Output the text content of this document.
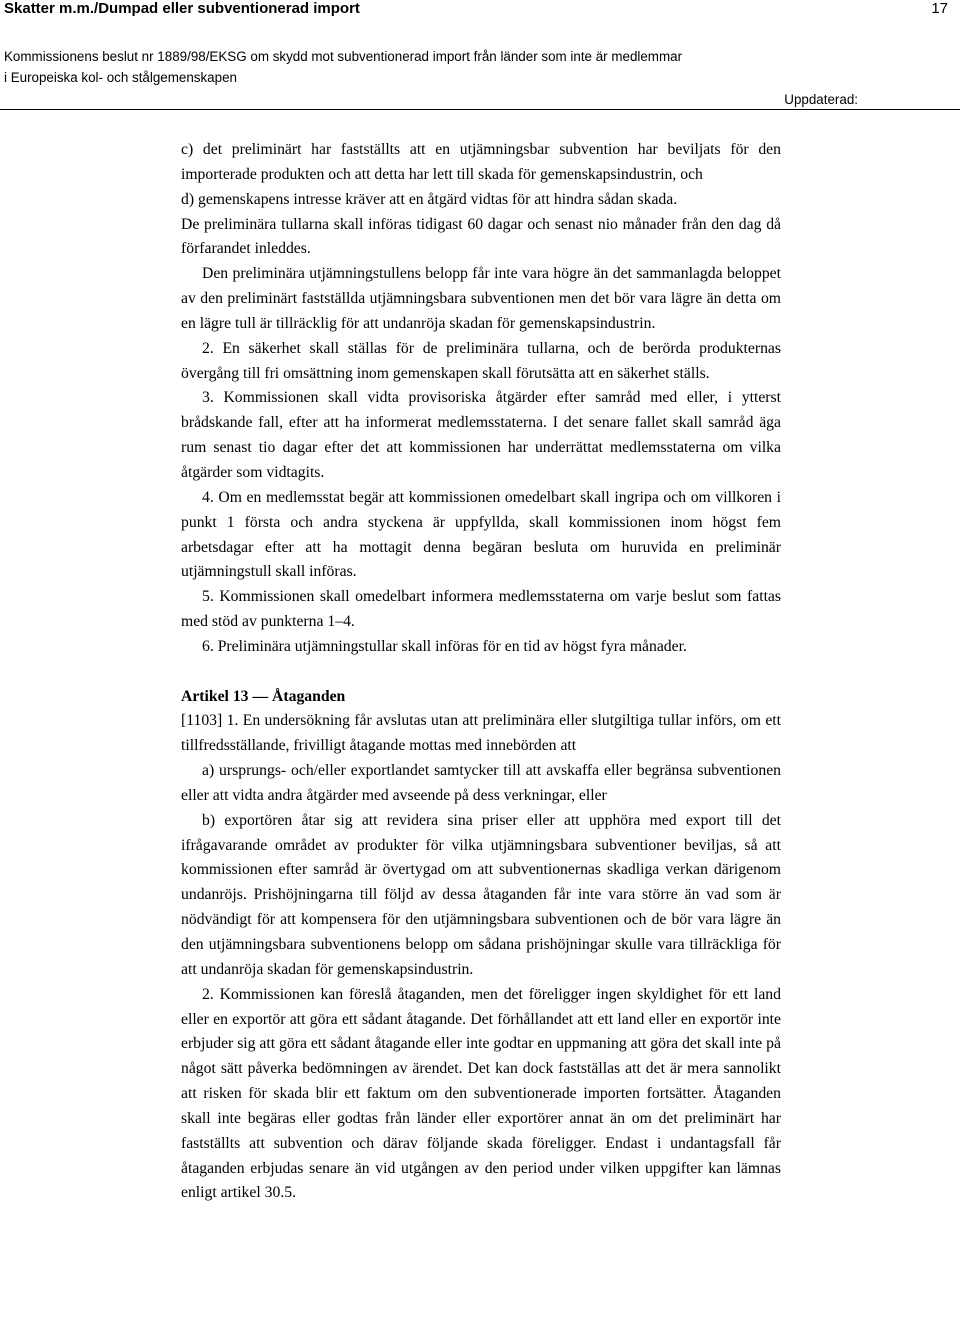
Skatter m.m./Dumpad eller subventionerad import	17
Kommissionens beslut nr 1889/98/EKSG om skydd mot subventionerad import från länder som inte är medlemmar
i Europeiska kol- och stålgemenskapen
Uppdaterad:

c) det preliminärt har fastställts att en utjämningsbar subvention har beviljats för den importerade produkten och att detta har lett till skada för gemenskapsindustrin, och

d) gemenskapens intresse kräver att en åtgärd vidtas för att hindra sådan skada.

De preliminära tullarna skall införas tidigast 60 dagar och senast nio månader från den dag då förfarandet inleddes.

Den preliminära utjämningstullens belopp får inte vara högre än det sammanlagda beloppet av den preliminärt fastställda utjämningsbara subventionen men det bör vara lägre än detta om en lägre tull är tillräcklig för att undanröja skadan för gemenskapsindustrin.

2. En säkerhet skall ställas för de preliminära tullarna, och de berörda produkternas övergång till fri omsättning inom gemenskapen skall förutsätta att en säkerhet ställs.

3. Kommissionen skall vidta provisoriska åtgärder efter samråd med eller, i ytterst brådskande fall, efter att ha informerat medlemsstaterna. I det senare fallet skall samråd äga rum senast tio dagar efter det att kommissionen har underrättat medlemsstaterna om vilka åtgärder som vidtagits.

4. Om en medlemsstat begär att kommissionen omedelbart skall ingripa och om villkoren i punkt 1 första och andra styckena är uppfyllda, skall kommissionen inom högst fem arbetsdagar efter att ha mottagit denna begäran besluta om huruvida en preliminär utjämningstull skall införas.

5. Kommissionen skall omedelbart informera medlemsstaterna om varje beslut som fattas med stöd av punkterna 1–4.

6. Preliminära utjämningstullar skall införas för en tid av högst fyra månader.

Artikel 13 — Åtaganden

[1103] 1. En undersökning får avslutas utan att preliminära eller slutgiltiga tullar införs, om ett tillfredsställande, frivilligt åtagande mottas med innebörden att

a) ursprungs- och/eller exportlandet samtycker till att avskaffa eller begränsa subventionen eller att vidta andra åtgärder med avseende på dess verkningar, eller

b) exportören åtar sig att revidera sina priser eller att upphöra med export till det ifrågavarande området av produkter för vilka utjämningsbara subventioner beviljas, så att kommissionen efter samråd är övertygad om att subventionernas skadliga verkan därigenom undanröjs. Prishöjningarna till följd av dessa åtaganden får inte vara större än vad som är nödvändigt för att kompensera för den utjämningsbara subventionen och de bör vara lägre än den utjämningsbara subventionens belopp om sådana prishöjningar skulle vara tillräckliga för att undanröja skadan för gemenskapsindustrin.

2. Kommissionen kan föreslå åtaganden, men det föreligger ingen skyldighet för ett land eller en exportör att göra ett sådant åtagande. Det förhållandet att ett land eller en exportör inte erbjuder sig att göra ett sådant åtagande eller inte godtar en uppmaning att göra det skall inte på något sätt påverka bedömningen av ärendet. Det kan dock fastställas att det är mera sannolikt att risken för skada blir ett faktum om den subventionerade importen fortsätter. Åtaganden skall inte begäras eller godtas från länder eller exportörer annat än om det preliminärt har fastställts att subvention och därav följande skada föreligger. Endast i undantagsfall får åtaganden erbjudas senare än vid utgången av den period under vilken uppgifter kan lämnas enligt artikel 30.5.
